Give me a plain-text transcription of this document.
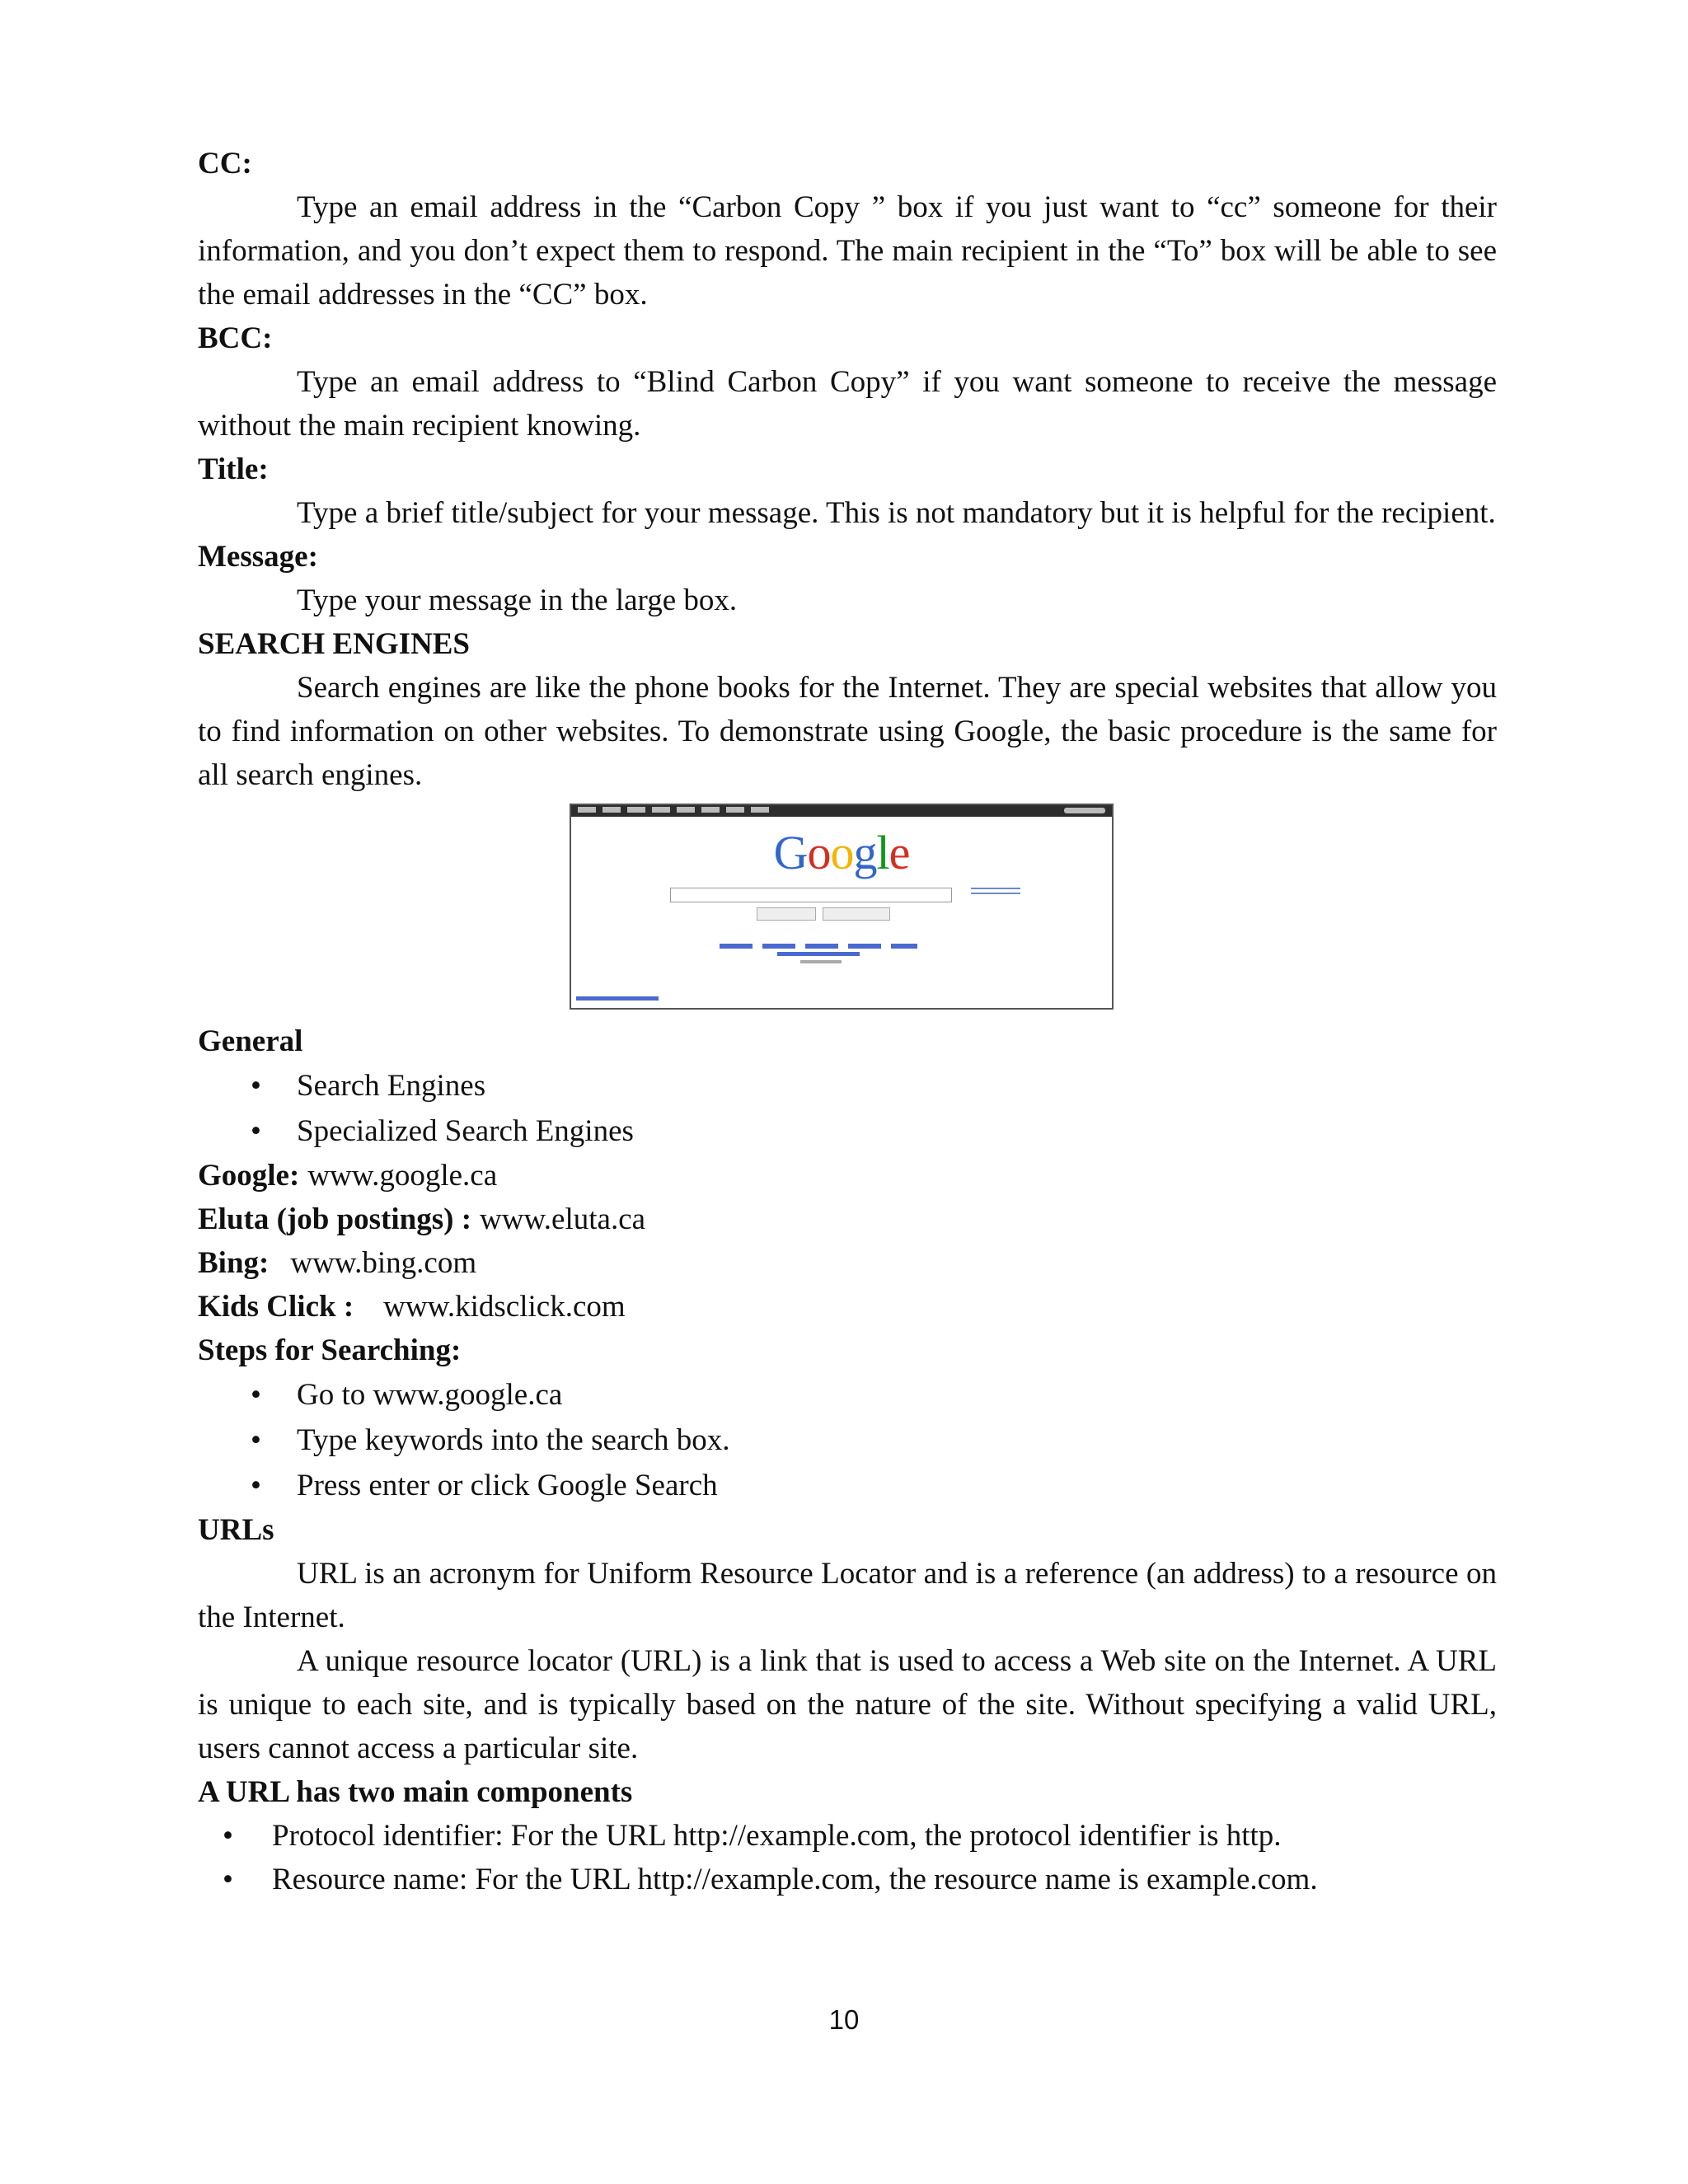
CC:
Type an email address in the “Carbon Copy ” box if you just want to “cc” someone for their information, and you don’t expect them to respond. The main recipient in the “To” box will be able to see the email addresses in the “CC” box.
BCC:
Type an email address to “Blind Carbon Copy” if you want someone to receive the message without the main recipient knowing.
Title:
Type a brief title/subject for your message. This is not mandatory but it is helpful for the recipient.
Message:
Type your message in the large box.
SEARCH ENGINES
Search engines are like the phone books for the Internet. They are special websites that allow you to find information on other websites. To demonstrate using Google, the basic procedure is the same for all search engines.
Google
General
• Search Engines
• Specialized Search Engines
Google: www.google.ca
Eluta (job postings) : www.eluta.ca
Bing: www.bing.com
Kids Click : www.kidsclick.com
Steps for Searching:
• Go to www.google.ca
• Type keywords into the search box.
• Press enter or click Google Search
URLs
URL is an acronym for Uniform Resource Locator and is a reference (an address) to a resource on the Internet.
A unique resource locator (URL) is a link that is used to access a Web site on the Internet. A URL is unique to each site, and is typically based on the nature of the site. Without specifying a valid URL, users cannot access a particular site.
A URL has two main components
• Protocol identifier: For the URL http://example.com, the protocol identifier is http.
• Resource name: For the URL http://example.com, the resource name is example.com.
10
